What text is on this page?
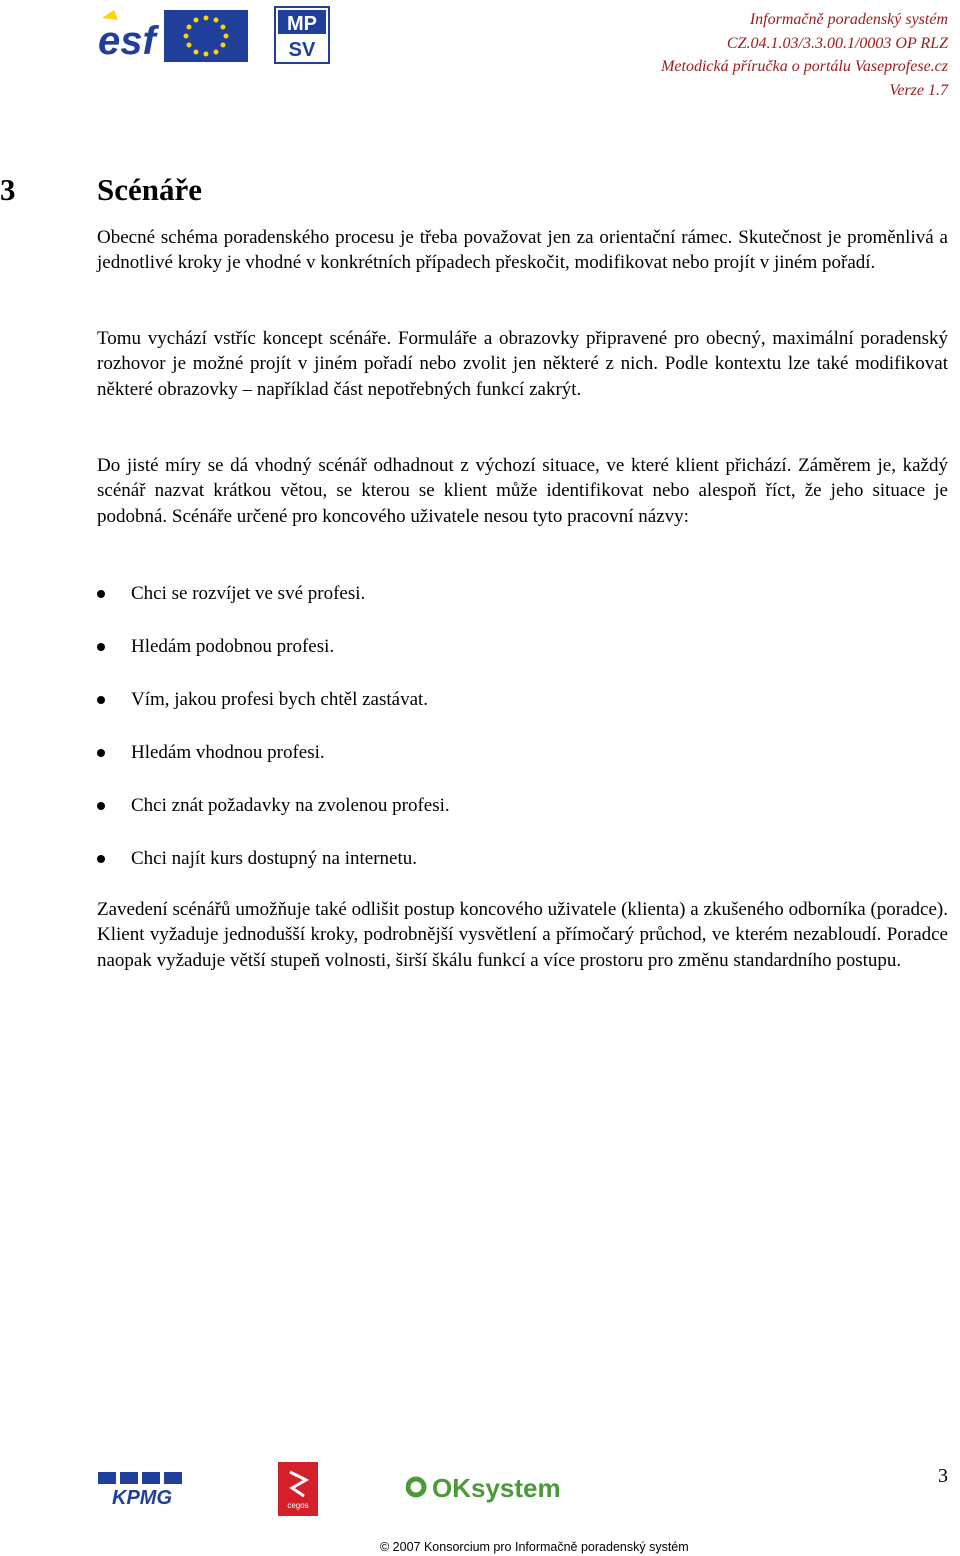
esf	MP
SV
Informačně poradenský systém
CZ.04.1.03/3.3.00.1/0003 OP RLZ
Metodická příručka o portálu Vaseprofese.cz
Verze 1.7
3	Scénáře

Obecné schéma poradenského procesu je třeba považovat jen za orientační rámec. Skutečnost je proměnlivá a jednotlivé kroky je vhodné v konkrétních případech přeskočit, modifikovat nebo projít v jiném pořadí.

Tomu vychází vstříc koncept scénáře. Formuláře a obrazovky připravené pro obecný, maximální poradenský rozhovor je možné projít v jiném pořadí nebo zvolit jen některé z nich. Podle kontextu lze také modifikovat některé obrazovky – například část nepotřebných funkcí zakrýt.

Do jisté míry se dá vhodný scénář odhadnout z výchozí situace, ve které klient přichází. Záměrem je, každý scénář nazvat krátkou větou, se kterou se klient může identifikovat nebo alespoň říct, že jeho situace je podobná. Scénáře určené pro koncového uživatele nesou tyto pracovní názvy:

Chci se rozvíjet ve své profesi.
Hledám podobnou profesi.
Vím, jakou profesi bych chtěl zastávat.
Hledám vhodnou profesi.
Chci znát požadavky na zvolenou profesi.
Chci najít kurs dostupný na internetu.

Zavedení scénářů umožňuje také odlišit postup koncového uživatele (klienta) a zkušeného odborníka (poradce). Klient vyžaduje jednodušší kroky, podrobnější vysvětlení a přímočarý průchod, ve kterém nezabloudí. Poradce naopak vyžaduje větší stupeň volnosti, širší škálu funkcí a více prostoru pro změnu standardního postupu.

3
KPMG	cegos
OKsystem
© 2007 Konsorcium pro Informačně poradenský systém
